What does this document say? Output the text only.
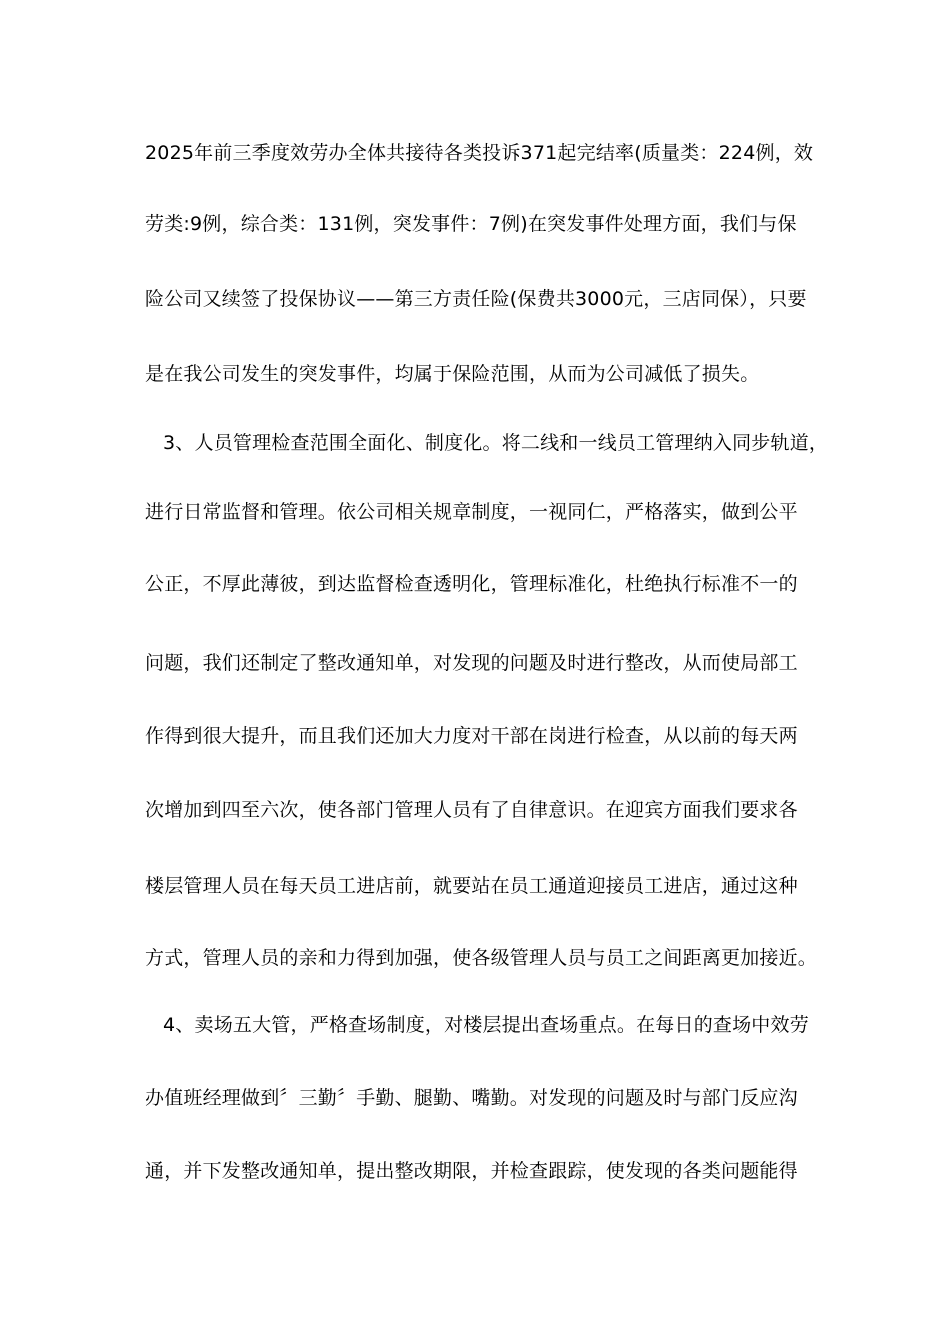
2025年前三季度效劳办全体共接待各类投诉371起完结率(质量类：224例，效
劳类:9例，综合类：131例，突发事件：7例)在突发事件处理方面，我们与保
险公司又续签了投保协议——第三方责任险(保费共3000元，三店同保），只要
是在我公司发生的突发事件，均属于保险范围，从而为公司减低了损失。
3、人员管理检查范围全面化、制度化。将二线和一线员工管理纳入同步轨道，
进行日常监督和管理。依公司相关规章制度，一视同仁，严格落实，做到公平
公正，不厚此薄彼，到达监督检查透明化，管理标准化，杜绝执行标准不一的
问题，我们还制定了整改通知单，对发现的问题及时进行整改，从而使局部工
作得到很大提升，而且我们还加大力度对干部在岗进行检查，从以前的每天两
次增加到四至六次，使各部门管理人员有了自律意识。在迎宾方面我们要求各
楼层管理人员在每天员工进店前，就要站在员工通道迎接员工进店，通过这种
方式，管理人员的亲和力得到加强，使各级管理人员与员工之间距离更加接近。
4、卖场五大管，严格查场制度，对楼层提出查场重点。在每日的查场中效劳
办值班经理做到〞三勤〞手勤、腿勤、嘴勤。对发现的问题及时与部门反应沟
通，并下发整改通知单，提出整改期限，并检查跟踪，使发现的各类问题能得
